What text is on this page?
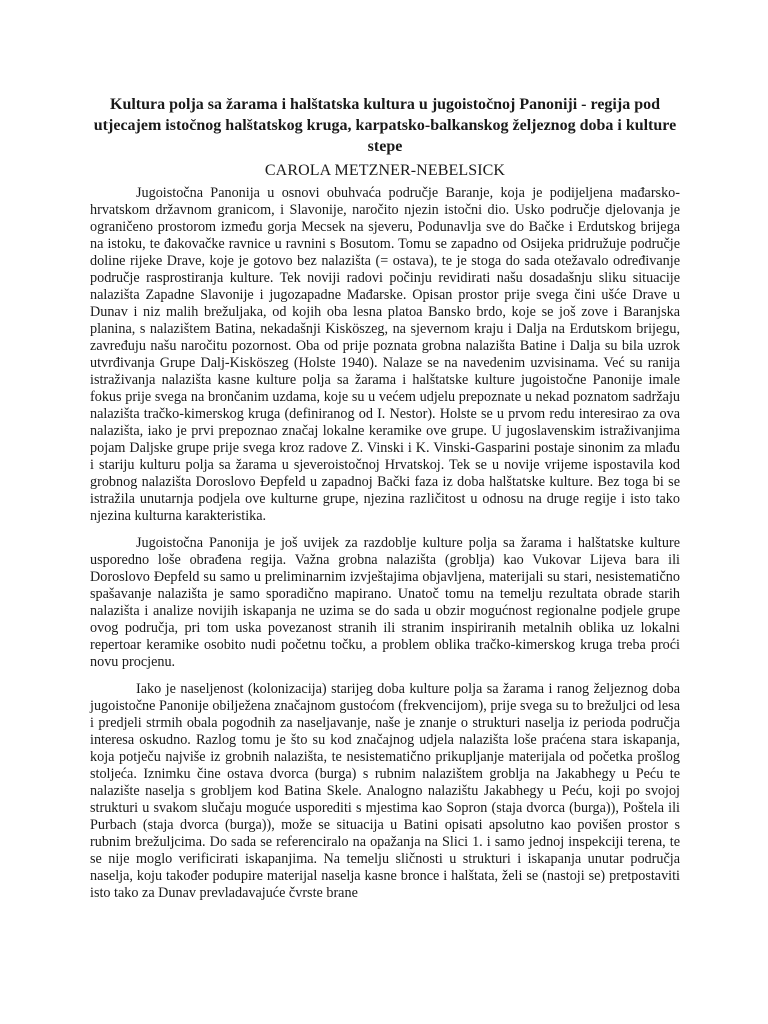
Kultura polja sa žarama i halštatska kultura u jugoistočnoj Panoniji - regija pod utjecajem istočnog halštatskog kruga, karpatsko-balkanskog željeznog doba i kulture stepe
CAROLA METZNER-NEBELSICK

Jugoistočna Panonija u osnovi obuhvaća područje Baranje, koja je podijeljena mađarsko-hrvatskom državnom granicom, i Slavonije, naročito njezin istočni dio. Usko područje djelovanja je ograničeno prostorom između gorja Mecsek na sjeveru, Podunavlja sve do Bačke i Erdutskog brijega na istoku, te đakovačke ravnice u ravnini s Bosutom. Tomu se zapadno od Osijeka pridružuje područje doline rijeke Drave, koje je gotovo bez nalazišta (= ostava), te je stoga do sada otežavalo određivanje područje rasprostiranja kulture. Tek noviji radovi počinju revidirati našu dosadašnju sliku situacije nalazišta Zapadne Slavonije i jugozapadne Mađarske. Opisan prostor prije svega čini ušće Drave u Dunav i niz malih brežuljaka, od kojih oba lesna platoa Bansko brdo, koje se još zove i Baranjska planina, s nalazištem Batina, nekadašnji Kisköszeg, na sjevernom kraju i Dalja na Erdutskom brijegu, zavređuju našu naročitu pozornost. Oba od prije poznata grobna nalazišta Batine i Dalja su bila uzrok utvrđivanja Grupe Dalj-Kisköszeg (Holste 1940). Nalaze se na navedenim uzvisinama. Već su ranija istraživanja nalazišta kasne kulture polja sa žarama i halštatske kulture jugoistočne Panonije imale fokus prije svega na brončanim uzdama, koje su u većem udjelu prepoznate u nekad poznatom sadržaju nalazišta tračko-kimerskog kruga (definiranog od I. Nestor). Holste se u prvom redu interesirao za ova nalazišta, iako je prvi prepoznao značaj lokalne keramike ove grupe. U jugoslavenskim istraživanjima pojam Daljske grupe prije svega kroz radove Z. Vinski i K. Vinski-Gasparini postaje sinonim za mlađu i stariju kulturu polja sa žarama u sjeveroistočnoj Hrvatskoj. Tek se u novije vrijeme ispostavila kod grobnog nalazišta Doroslovo Đepfeld u zapadnoj Bački faza iz doba halštatske kulture. Bez toga bi se istražila unutarnja podjela ove kulturne grupe, njezina različitost u odnosu na druge regije i isto tako njezina kulturna karakteristika.

Jugoistočna Panonija je još uvijek za razdoblje kulture polja sa žarama i halštatske kulture usporedno loše obrađena regija. Važna grobna nalazišta (groblja) kao Vukovar Lijeva bara ili Doroslovo Đepfeld su samo u preliminarnim izvještajima objavljena, materijali su stari, nesistematično spašavanje nalazišta je samo sporadično mapirano. Unatoč tomu na temelju rezultata obrade starih nalazišta i analize novijih iskapanja ne uzima se do sada u obzir mogućnost regionalne podjele grupe ovog područja, pri tom uska povezanost stranih ili stranim inspiriranih metalnih oblika uz lokalni repertoar keramike osobito nudi početnu točku, a problem oblika tračko-kimerskog kruga treba proći novu procjenu.

Iako je naseljenost (kolonizacija) starijeg doba kulture polja sa žarama i ranog željeznog doba jugoistočne Panonije obilježena značajnom gustoćom (frekvencijom), prije svega su to brežuljci od lesa i predjeli strmih obala pogodnih za naseljavanje, naše je znanje o strukturi naselja iz perioda područja interesa oskudno. Razlog tomu je što su kod značajnog udjela nalazišta loše praćena stara iskapanja, koja potječu najviše iz grobnih nalazišta, te nesistematično prikupljanje materijala od početka prošlog stoljeća. Iznimku čine ostava dvorca (burga) s rubnim nalazištem groblja na Jakabhegy u Peću te nalazište naselja s grobljem kod Batina Skele. Analogno nalazištu Jakabhegy u Peću, koji po svojoj strukturi u svakom slučaju moguće usporediti s mjestima kao Sopron (staja dvorca (burga)), Poštela ili Purbach (staja dvorca (burga)), može se situacija u Batini opisati apsolutno kao povišen prostor s rubnim brežuljcima. Do sada se referenciralo na opažanja na Slici 1. i samo jednoj inspekciji terena, te se nije moglo verificirati iskapanjima. Na temelju sličnosti u strukturi i iskapanja unutar područja naselja, koju također podupire materijal naselja kasne bronce i halštata, želi se (nastoji se) pretpostaviti isto tako za Dunav prevladavajuće čvrste brane
